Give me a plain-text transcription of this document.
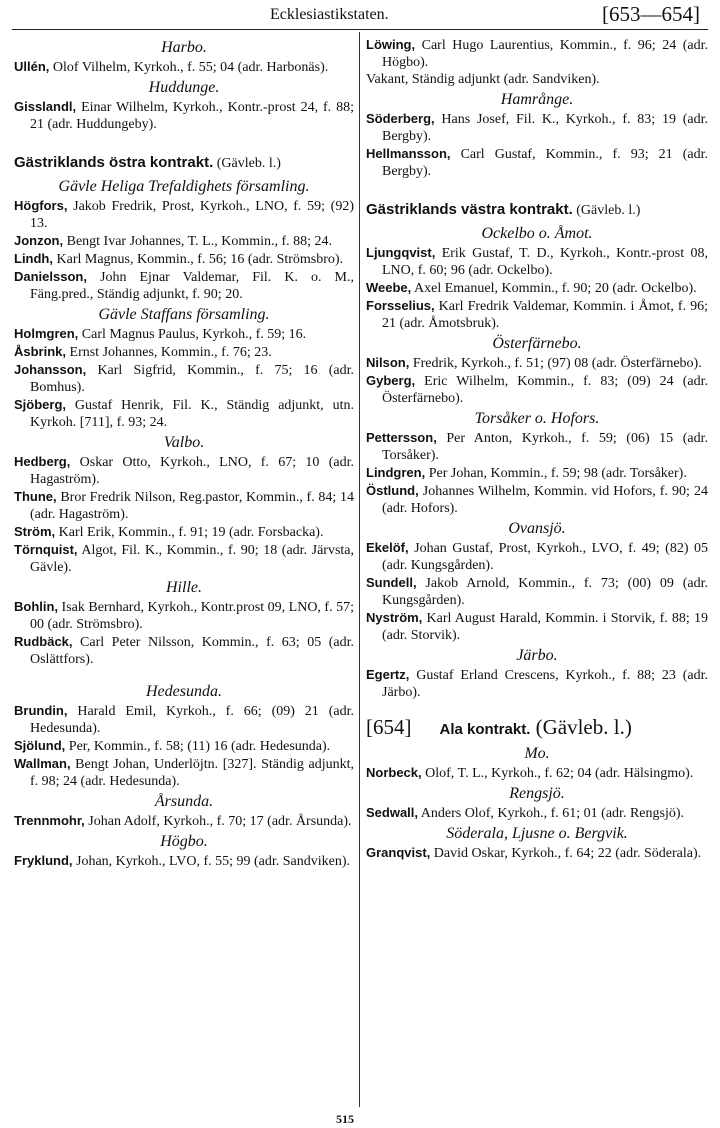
Ecklesiastikstaten.	[653—654]
Harbo.
Ullén, Olof Vilhelm, Kyrkoh., f. 55; 04 (adr. Harbonäs).
Huddunge.
Gisslandl, Einar Wilhelm, Kyrkoh., Kontr.-prost 24, f. 88; 21 (adr. Huddungeby).
Gästriklands östra kontrakt. (Gävleb. l.)
Gävle Heliga Trefaldighets församling.
Högfors, Jakob Fredrik, Prost, Kyrkoh., LNO, f. 59; (92) 13.
Jonzon, Bengt Ivar Johannes, T. L., Kommin., f. 88; 24.
Lindh, Karl Magnus, Kommin., f. 56; 16 (adr. Strömsbro).
Danielsson, John Ejnar Valdemar, Fil. K. o. M., Fäng.pred., Ständig adjunkt, f. 90; 20.
Gävle Staffans församling.
Holmgren, Carl Magnus Paulus, Kyrkoh., f. 59; 16.
Åsbrink, Ernst Johannes, Kommin., f. 76; 23.
Johansson, Karl Sigfrid, Kommin., f. 75; 16 (adr. Bomhus).
Sjöberg, Gustaf Henrik, Fil. K., Ständig adjunkt, utn. Kyrkoh. [711], f. 93; 24.
Valbo.
Hedberg, Oskar Otto, Kyrkoh., LNO, f. 67; 10 (adr. Hagaström).
Thune, Bror Fredrik Nilson, Reg.pastor, Kommin., f. 84; 14 (adr. Hagaström).
Ström, Karl Erik, Kommin., f. 91; 19 (adr. Forsbacka).
Törnquist, Algot, Fil. K., Kommin., f. 90; 18 (adr. Järvsta, Gävle).
Hille.
Bohlin, Isak Bernhard, Kyrkoh., Kontr.prost 09, LNO, f. 57; 00 (adr. Strömsbro).
Rudbäck, Carl Peter Nilsson, Kommin., f. 63; 05 (adr. Oslättfors).
Hedesunda.
Brundin, Harald Emil, Kyrkoh., f. 66; (09) 21 (adr. Hedesunda).
Sjölund, Per, Kommin., f. 58; (11) 16 (adr. Hedesunda).
Wallman, Bengt Johan, Underlöjtn. [327]. Ständig adjunkt, f. 98; 24 (adr. Hedesunda).
Årsunda.
Trennmohr, Johan Adolf, Kyrkoh., f. 70; 17 (adr. Årsunda).
Högbo.
Fryklund, Johan, Kyrkoh., LVO, f. 55; 99 (adr. Sandviken).
Löwing, Carl Hugo Laurentius, Kommin., f. 96; 24 (adr. Högbo).
Vakant, Ständig adjunkt (adr. Sandviken).
Hamrånge.
Söderberg, Hans Josef, Fil. K., Kyrkoh., f. 83; 19 (adr. Bergby).
Hellmansson, Carl Gustaf, Kommin., f. 93; 21 (adr. Bergby).
Gästriklands västra kontrakt. (Gävleb. l.)
Ockelbo o. Åmot.
Ljungqvist, Erik Gustaf, T. D., Kyrkoh., Kontr.-prost 08, LNO, f. 60; 96 (adr. Ockelbo).
Weebe, Axel Emanuel, Kommin., f. 90; 20 (adr. Ockelbo).
Forsselius, Karl Fredrik Valdemar, Kommin. i Åmot, f. 96; 21 (adr. Åmotsbruk).
Österfärnebo.
Nilson, Fredrik, Kyrkoh., f. 51; (97) 08 (adr. Österfärnebo).
Gyberg, Eric Wilhelm, Kommin., f. 83; (09) 24 (adr. Österfärnebo).
Torsåker o. Hofors.
Pettersson, Per Anton, Kyrkoh., f. 59; (06) 15 (adr. Torsåker).
Lindgren, Per Johan, Kommin., f. 59; 98 (adr. Torsåker).
Östlund, Johannes Wilhelm, Kommin. vid Hofors, f. 90; 24 (adr. Hofors).
Ovansjö.
Ekelöf, Johan Gustaf, Prost, Kyrkoh., LVO, f. 49; (82) 05 (adr. Kungsgården).
Sundell, Jakob Arnold, Kommin., f. 73; (00) 09 (adr. Kungsgården).
Nyström, Karl August Harald, Kommin. i Storvik, f. 88; 19 (adr. Storvik).
Järbo.
Egertz, Gustaf Erland Crescens, Kyrkoh., f. 88; 23 (adr. Järbo).
[654] Ala kontrakt. (Gävleb. l.)
Mo.
Norbeck, Olof, T. L., Kyrkoh., f. 62; 04 (adr. Hälsingmo).
Rengsjö.
Sedwall, Anders Olof, Kyrkoh., f. 61; 01 (adr. Rengsjö).
Söderala, Ljusne o. Bergvik.
Granqvist, David Oskar, Kyrkoh., f. 64; 22 (adr. Söderala).
515
